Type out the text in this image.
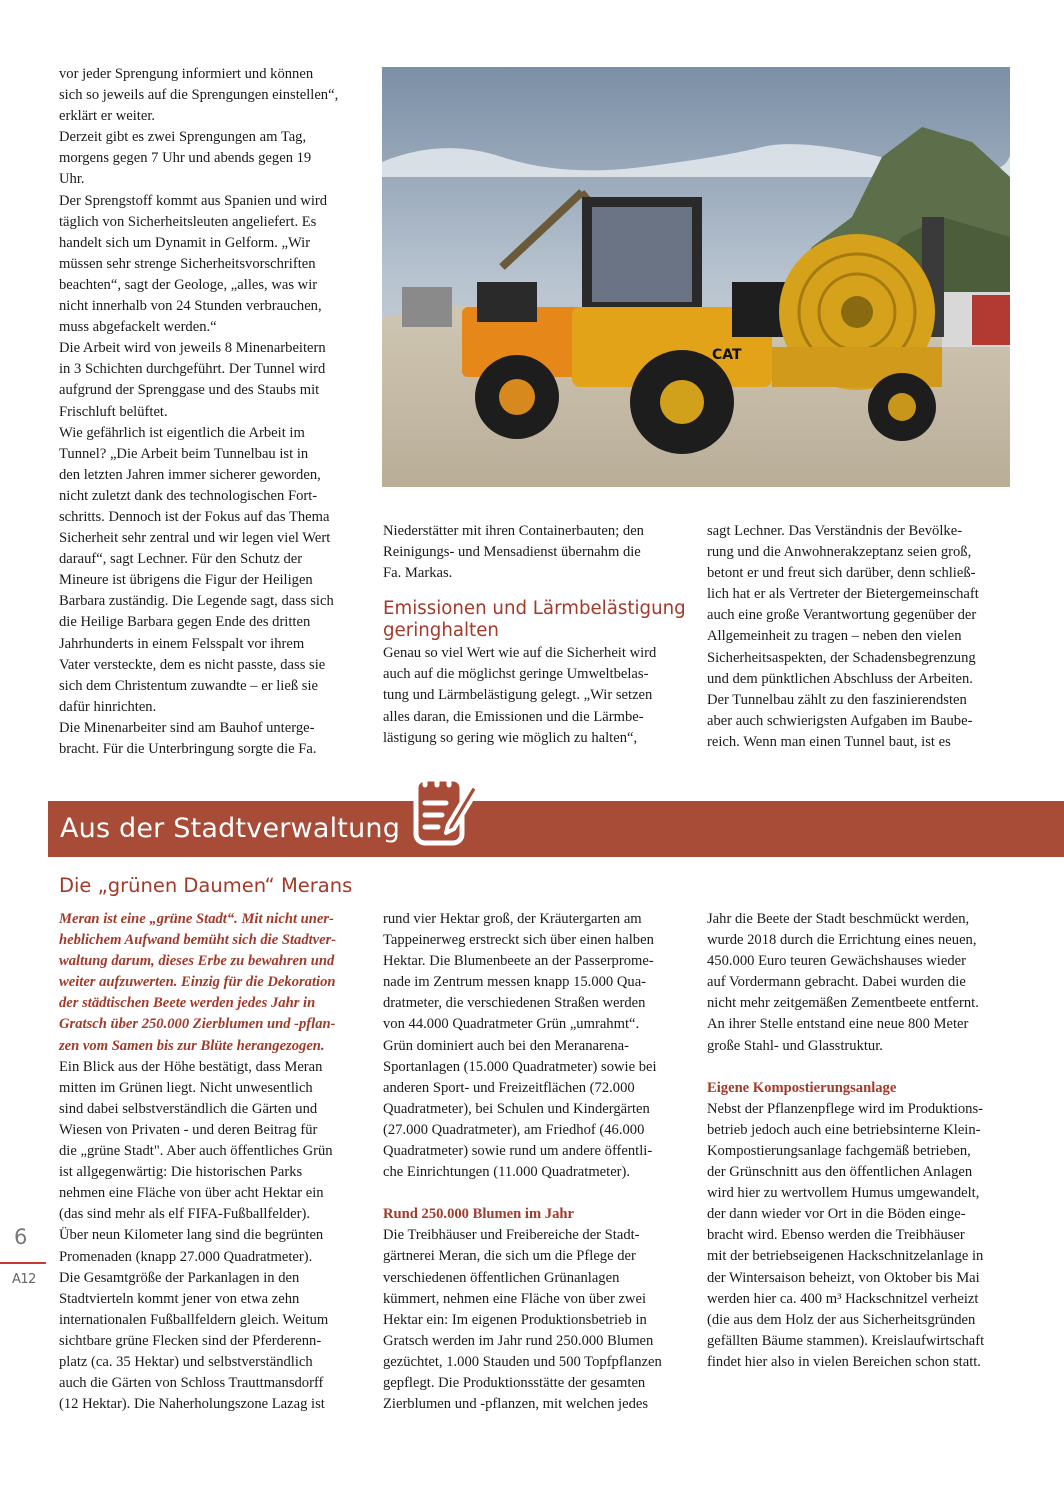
vor jeder Sprengung informiert und können
sich so jeweils auf die Sprengungen einstellen“,
erklärt er weiter.
Derzeit gibt es zwei Sprengungen am Tag,
morgens gegen 7 Uhr und abends gegen 19
Uhr.
Der Sprengstoff kommt aus Spanien und wird
täglich von Sicherheitsleuten angeliefert. Es
handelt sich um Dynamit in Gelform. „Wir
müssen sehr strenge Sicherheitsvorschriften
beachten“, sagt der Geologe, „alles, was wir
nicht innerhalb von 24 Stunden verbrauchen,
muss abgefackelt werden.“
Die Arbeit wird von jeweils 8 Minenarbeitern
in 3 Schichten durchgeführt. Der Tunnel wird
aufgrund der Sprenggase und des Staubs mit
Frischluft belüftet.
Wie gefährlich ist eigentlich die Arbeit im
Tunnel? „Die Arbeit beim Tunnelbau ist in
den letzten Jahren immer sicherer geworden,
nicht zuletzt dank des technologischen Fort-
schritts. Dennoch ist der Fokus auf das Thema
Sicherheit sehr zentral und wir legen viel Wert
darauf“, sagt Lechner. Für den Schutz der
Mineure ist übrigens die Figur der Heiligen
Barbara zuständig. Die Legende sagt, dass sich
die Heilige Barbara gegen Ende des dritten
Jahrhunderts in einem Felsspalt vor ihrem
Vater versteckte, dem es nicht passte, dass sie
sich dem Christentum zuwandte – er ließ sie
dafür hinrichten.
Die Minenarbeiter sind am Bauhof unterge-
bracht. Für die Unterbringung sorgte die Fa.
CAT
Niederstätter mit ihren Containerbauten; den
Reinigungs- und Mensadienst übernahm die
Fa. Markas.
Emissionen und Lärmbelästigung
geringhalten
Genau so viel Wert wie auf die Sicherheit wird
auch auf die möglichst geringe Umweltbelas-
tung und Lärmbelästigung gelegt. „Wir setzen
alles daran, die Emissionen und die Lärmbe-
lästigung so gering wie möglich zu halten“,
sagt Lechner. Das Verständnis der Bevölke-
rung und die Anwohnerakzeptanz seien groß,
betont er und freut sich darüber, denn schließ-
lich hat er als Vertreter der Bietergemeinschaft
auch eine große Verantwortung gegenüber der
Allgemeinheit zu tragen – neben den vielen
Sicherheitsaspekten, der Schadensbegrenzung
und dem pünktlichen Abschluss der Arbeiten.
Der Tunnelbau zählt zu den faszinierendsten
aber auch schwierigsten Aufgaben im Baube-
reich. Wenn man einen Tunnel baut, ist es
Aus der Stadtverwaltung
Die „grünen Daumen“ Merans
Meran ist eine „grüne Stadt“. Mit nicht uner-
heblichem Aufwand bemüht sich die Stadtver-
waltung darum, dieses Erbe zu bewahren und
weiter aufzuwerten. Einzig für die Dekoration
der städtischen Beete werden jedes Jahr in
Gratsch über 250.000 Zierblumen und -pflan-
zen vom Samen bis zur Blüte herangezogen.
Ein Blick aus der Höhe bestätigt, dass Meran
mitten im Grünen liegt. Nicht unwesentlich
sind dabei selbstverständlich die Gärten und
Wiesen von Privaten - und deren Beitrag für
die „grüne Stadt". Aber auch öffentliches Grün
ist allgegenwärtig: Die historischen Parks
nehmen eine Fläche von über acht Hektar ein
(das sind mehr als elf FIFA-Fußballfelder).
Über neun Kilometer lang sind die begrünten
Promenaden (knapp 27.000 Quadratmeter).
Die Gesamtgröße der Parkanlagen in den
Stadtvierteln kommt jener von etwa zehn
internationalen Fußballfeldern gleich. Weitum
sichtbare grüne Flecken sind der Pferderenn-
platz (ca. 35 Hektar) und selbstverständlich
auch die Gärten von Schloss Trauttmansdorff
(12 Hektar). Die Naherholungszone Lazag ist
rund vier Hektar groß, der Kräutergarten am
Tappeinerweg erstreckt sich über einen halben
Hektar. Die Blumenbeete an der Passerprome-
nade im Zentrum messen knapp 15.000 Qua-
dratmeter, die verschiedenen Straßen werden
von 44.000 Quadratmeter Grün „umrahmt“.
Grün dominiert auch bei den Meranarena-
Sportanlagen (15.000 Quadratmeter) sowie bei
anderen Sport- und Freizeitflächen (72.000
Quadratmeter), bei Schulen und Kindergärten
(27.000 Quadratmeter), am Friedhof (46.000
Quadratmeter) sowie rund um andere öffentli-
che Einrichtungen (11.000 Quadratmeter).
Rund 250.000 Blumen im Jahr
Die Treibhäuser und Freibereiche der Stadt-
gärtnerei Meran, die sich um die Pflege der
verschiedenen öffentlichen Grünanlagen
kümmert, nehmen eine Fläche von über zwei
Hektar ein: Im eigenen Produktionsbetrieb in
Gratsch werden im Jahr rund 250.000 Blumen
gezüchtet, 1.000 Stauden und 500 Topfpflanzen
gepflegt. Die Produktionsstätte der gesamten
Zierblumen und -pflanzen, mit welchen jedes
Jahr die Beete der Stadt beschmückt werden,
wurde 2018 durch die Errichtung eines neuen,
450.000 Euro teuren Gewächshauses wieder
auf Vordermann gebracht. Dabei wurden die
nicht mehr zeitgemäßen Zementbeete entfernt.
An ihrer Stelle entstand eine neue 800 Meter
große Stahl- und Glasstruktur.
Eigene Kompostierungsanlage
Nebst der Pflanzenpflege wird im Produktions-
betrieb jedoch auch eine betriebsinterne Klein-
Kompostierungsanlage fachgemäß betrieben,
der Grünschnitt aus den öffentlichen Anlagen
wird hier zu wertvollem Humus umgewandelt,
der dann wieder vor Ort in die Böden einge-
bracht wird. Ebenso werden die Treibhäuser
mit der betriebseigenen Hackschnitzelanlage in
der Wintersaison beheizt, von Oktober bis Mai
werden hier ca. 400 m³ Hackschnitzel verheizt
(die aus dem Holz der aus Sicherheitsgründen
gefällten Bäume stammen). Kreislaufwirtschaft
findet hier also in vielen Bereichen schon statt.
6
A12
